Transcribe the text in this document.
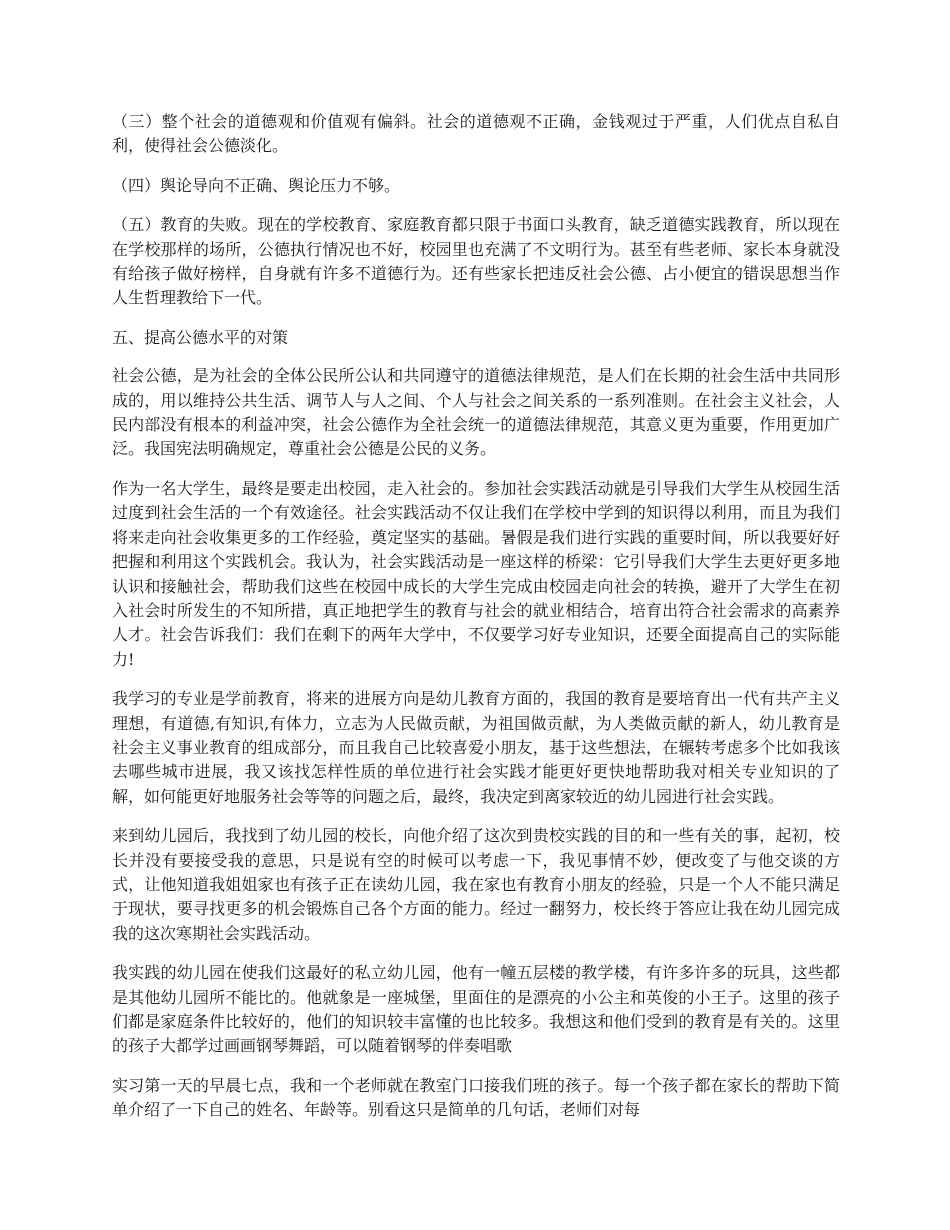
（三）整个社会的道德观和价值观有偏斜。社会的道德观不正确，金钱观过于严重，人们优点自私自利，使得社会公德淡化。

（四）舆论导向不正确、舆论压力不够。

（五）教育的失败。现在的学校教育、家庭教育都只限于书面口头教育，缺乏道德实践教育，所以现在在学校那样的场所，公德执行情况也不好，校园里也充满了不文明行为。甚至有些老师、家长本身就没有给孩子做好榜样，自身就有许多不道德行为。还有些家长把违反社会公德、占小便宜的错误思想当作人生哲理教给下一代。

五、提高公德水平的对策

社会公德，是为社会的全体公民所公认和共同遵守的道德法律规范，是人们在长期的社会生活中共同形成的，用以维持公共生活、调节人与人之间、个人与社会之间关系的一系列准则。在社会主义社会，人民内部没有根本的利益冲突，社会公德作为全社会统一的道德法律规范，其意义更为重要，作用更加广泛。我国宪法明确规定，尊重社会公德是公民的义务。

作为一名大学生，最终是要走出校园，走入社会的。参加社会实践活动就是引导我们大学生从校园生活过度到社会生活的一个有效途径。社会实践活动不仅让我们在学校中学到的知识得以利用，而且为我们将来走向社会收集更多的工作经验，奠定坚实的基础。暑假是我们进行实践的重要时间，所以我要好好把握和利用这个实践机会。我认为，社会实践活动是一座这样的桥梁：它引导我们大学生去更好更多地认识和接触社会，帮助我们这些在校园中成长的大学生完成由校园走向社会的转换，避开了大学生在初入社会时所发生的不知所措，真正地把学生的教育与社会的就业相结合，培育出符合社会需求的高素养人才。社会告诉我们：我们在剩下的两年大学中，不仅要学习好专业知识，还要全面提高自己的实际能力!

我学习的专业是学前教育，将来的进展方向是幼儿教育方面的，我国的教育是要培育出一代有共产主义理想，有道德,有知识,有体力，立志为人民做贡献，为祖国做贡献，为人类做贡献的新人，幼儿教育是社会主义事业教育的组成部分，而且我自己比较喜爱小朋友，基于这些想法，在辗转考虑多个比如我该去哪些城市进展，我又该找怎样性质的单位进行社会实践才能更好更快地帮助我对相关专业知识的了解，如何能更好地服务社会等等的问题之后，最终，我决定到离家较近的幼儿园进行社会实践。

来到幼儿园后，我找到了幼儿园的校长，向他介绍了这次到贵校实践的目的和一些有关的事，起初，校长并没有要接受我的意思，只是说有空的时候可以考虑一下，我见事情不妙，便改变了与他交谈的方式，让他知道我姐姐家也有孩子正在读幼儿园，我在家也有教育小朋友的经验，只是一个人不能只满足于现状，要寻找更多的机会锻炼自己各个方面的能力。经过一翻努力，校长终于答应让我在幼儿园完成我的这次寒期社会实践活动。

我实践的幼儿园在使我们这最好的私立幼儿园，他有一幢五层楼的教学楼，有许多许多的玩具，这些都是其他幼儿园所不能比的。他就象是一座城堡，里面住的是漂亮的小公主和英俊的小王子。这里的孩子们都是家庭条件比较好的，他们的知识较丰富懂的也比较多。我想这和他们受到的教育是有关的。这里的孩子大都学过画画钢琴舞蹈，可以随着钢琴的伴奏唱歌

实习第一天的早晨七点，我和一个老师就在教室门口接我们班的孩子。每一个孩子都在家长的帮助下简单介绍了一下自己的姓名、年龄等。别看这只是简单的几句话，老师们对每
